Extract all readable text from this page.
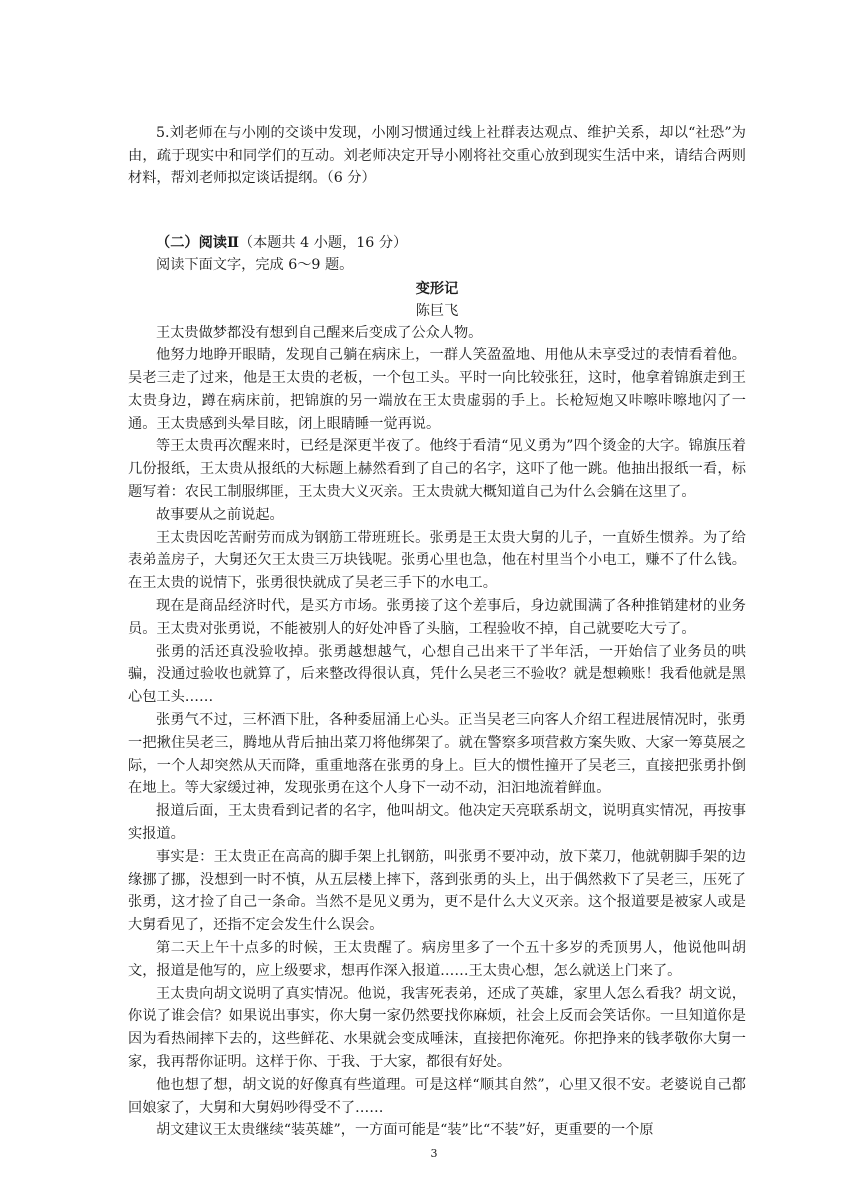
5.刘老师在与小刚的交谈中发现，小刚习惯通过线上社群表达观点、维护关系，却以“社恐”为由，疏于现实中和同学们的互动。刘老师决定开导小刚将社交重心放到现实生活中来，请结合两则材料，帮刘老师拟定谈话提纲。（6 分）

（二）阅读Ⅱ（本题共 4 小题，16 分）

阅读下面文字，完成 6～9 题。

变形记

陈巨飞

王太贵做梦都没有想到自己醒来后变成了公众人物。

他努力地睁开眼睛，发现自己躺在病床上，一群人笑盈盈地、用他从未享受过的表情看着他。吴老三走了过来，他是王太贵的老板，一个包工头。平时一向比较张狂，这时，他拿着锦旗走到王太贵身边，蹲在病床前，把锦旗的另一端放在王太贵虚弱的手上。长枪短炮又咔嚓咔嚓地闪了一通。王太贵感到头晕目眩，闭上眼睛睡一觉再说。

等王太贵再次醒来时，已经是深更半夜了。他终于看清“见义勇为”四个烫金的大字。锦旗压着几份报纸，王太贵从报纸的大标题上赫然看到了自己的名字，这吓了他一跳。他抽出报纸一看，标题写着：农民工制服绑匪，王太贵大义灭亲。王太贵就大概知道自己为什么会躺在这里了。

故事要从之前说起。

王太贵因吃苦耐劳而成为钢筋工带班班长。张勇是王太贵大舅的儿子，一直娇生惯养。为了给表弟盖房子，大舅还欠王太贵三万块钱呢。张勇心里也急，他在村里当个小电工，赚不了什么钱。在王太贵的说情下，张勇很快就成了吴老三手下的水电工。

现在是商品经济时代，是买方市场。张勇接了这个差事后，身边就围满了各种推销建材的业务员。王太贵对张勇说，不能被别人的好处冲昏了头脑，工程验收不掉，自己就要吃大亏了。

张勇的活还真没验收掉。张勇越想越气，心想自己出来干了半年活，一开始信了业务员的哄骗，没通过验收也就算了，后来整改得很认真，凭什么吴老三不验收？就是想赖账！我看他就是黑心包工头……

张勇气不过，三杯酒下肚，各种委屈涌上心头。正当吴老三向客人介绍工程进展情况时，张勇一把揪住吴老三，腾地从背后抽出菜刀将他绑架了。就在警察多项营救方案失败、大家一筹莫展之际，一个人却突然从天而降，重重地落在张勇的身上。巨大的惯性撞开了吴老三，直接把张勇扑倒在地上。等大家缓过神，发现张勇在这个人身下一动不动，汩汩地流着鲜血。

报道后面，王太贵看到记者的名字，他叫胡文。他决定天亮联系胡文，说明真实情况，再按事实报道。

事实是：王太贵正在高高的脚手架上扎钢筋，叫张勇不要冲动，放下菜刀，他就朝脚手架的边缘挪了挪，没想到一时不慎，从五层楼上摔下，落到张勇的头上，出于偶然救下了吴老三，压死了张勇，这才捡了自己一条命。当然不是见义勇为，更不是什么大义灭亲。这个报道要是被家人或是大舅看见了，还指不定会发生什么误会。

第二天上午十点多的时候，王太贵醒了。病房里多了一个五十多岁的秃顶男人，他说他叫胡文，报道是他写的，应上级要求，想再作深入报道……王太贵心想，怎么就送上门来了。

王太贵向胡文说明了真实情况。他说，我害死表弟，还成了英雄，家里人怎么看我？胡文说，你说了谁会信？如果说出事实，你大舅一家仍然要找你麻烦，社会上反而会笑话你。一旦知道你是因为看热闹摔下去的，这些鲜花、水果就会变成唾沫，直接把你淹死。你把挣来的钱孝敬你大舅一家，我再帮你证明。这样于你、于我、于大家，都很有好处。

他也想了想，胡文说的好像真有些道理。可是这样“顺其自然”，心里又很不安。老婆说自己都回娘家了，大舅和大舅妈吵得受不了……

胡文建议王太贵继续“装英雄”，一方面可能是“装”比“不装”好，更重要的一个原

3
